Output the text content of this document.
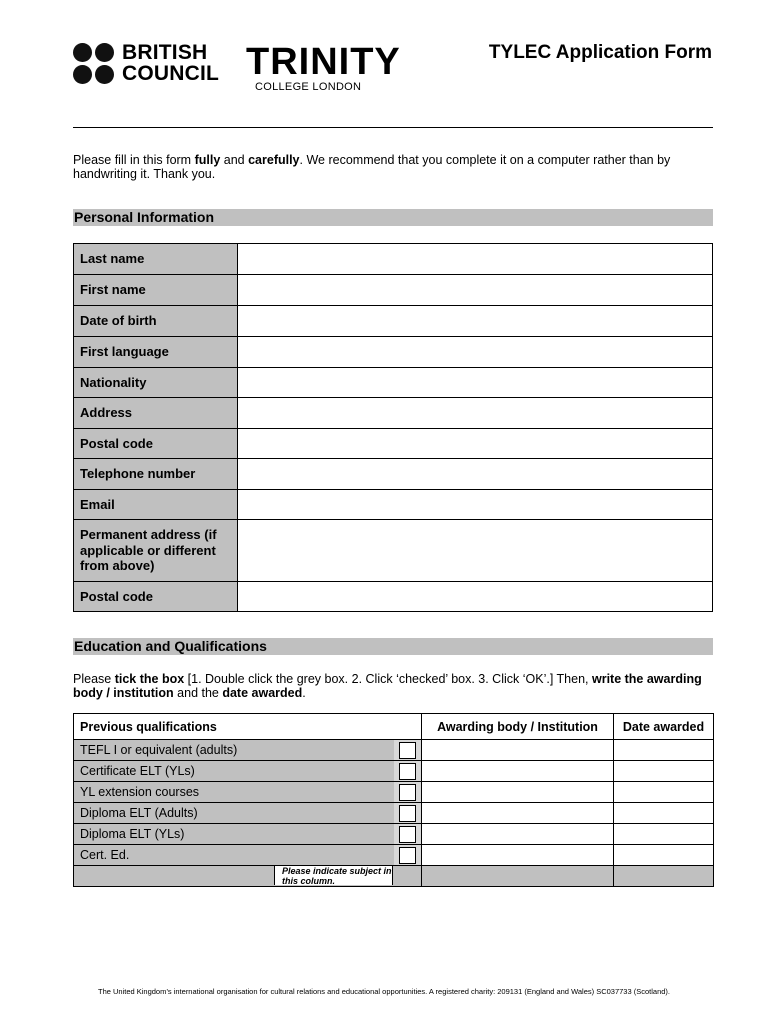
BRITISH
COUNCIL TRINITY
COLLEGE LONDON
TYLEC Application Form

Please fill in this form fully and carefully. We recommend that you complete it on a computer rather than by handwriting it. Thank you.

Personal Information
Last name
First name
Date of birth
First language
Nationality
Address
Postal code
Telephone number
Email
Permanent address (if applicable or different from above)
Postal code
Education and Qualifications

Please tick the box [1. Double click the grey box. 2. Click ‘checked’ box. 3. Click ‘OK’.] Then, write the awarding body / institution and the date awarded.

Previous qualifications	Awarding body / Institution	Date awarded
TEFL I or equivalent (adults)
Certificate ELT (YLs)
YL extension courses
Diploma ELT (Adults)
Diploma ELT (YLs)
Cert. Ed.
Please indicate subject in this column.
The United Kingdom’s international organisation for cultural relations and educational opportunities. A registered charity: 209131 (England and Wales) SC037733 (Scotland).
